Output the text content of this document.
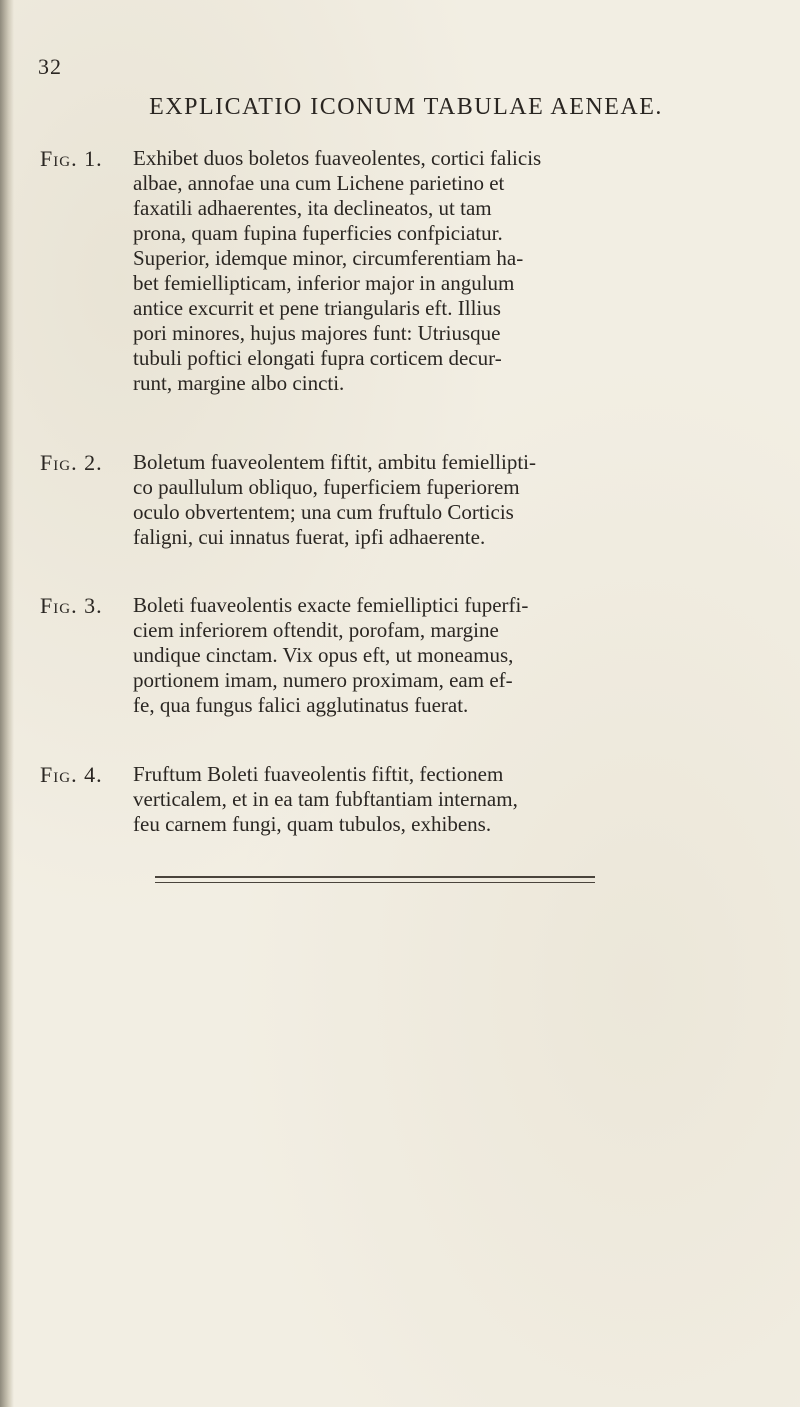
32
EXPLICATIO ICONUM TABULAE AENEAE.
Fig. 1.	Exhibet duos boletos fuaveolentes, cortici falicis
albae, annofae una cum Lichene parietino et
faxatili adhaerentes, ita declineatos, ut tam
prona, quam fupina fuperficies confpiciatur.
Superior, idemque minor, circumferentiam ha-
bet femiellipticam, inferior major in angulum
antice excurrit et pene triangularis eft. Illius
pori minores, hujus majores funt: Utriusque
tubuli poftici elongati fupra corticem decur-
runt, margine albo cincti.
Fig. 2.	Boletum fuaveolentem fiftit, ambitu femiellipti-
co paullulum obliquo, fuperficiem fuperiorem
oculo obvertentem; una cum fruftulo Corticis
faligni, cui innatus fuerat, ipfi adhaerente.
Fig. 3.	Boleti fuaveolentis exacte femielliptici fuperfi-
ciem inferiorem oftendit, porofam, margine
undique cinctam. Vix opus eft, ut moneamus,
portionem imam, numero proximam, eam ef-
fe, qua fungus falici agglutinatus fuerat.
Fig. 4.	Fruftum Boleti fuaveolentis fiftit, fectionem
verticalem, et in ea tam fubftantiam internam,
feu carnem fungi, quam tubulos, exhibens.
